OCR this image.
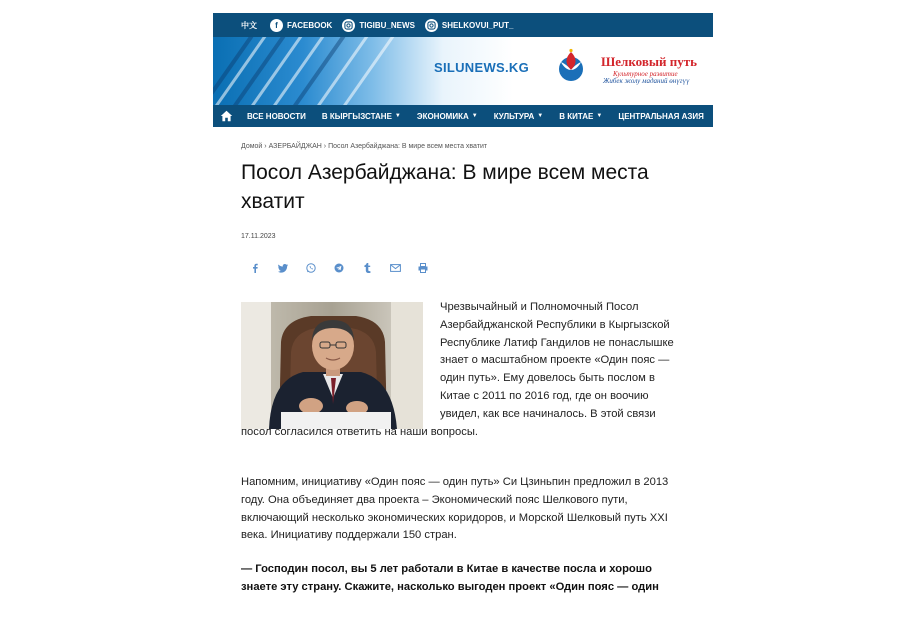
中文	f	FACEBOOK	TIGIBU_NEWS	SHELKOVUI_PUT_
SILUNEWS.KG	Шелковый путь
Культурное развитие
Жибек жолу маданий өнүгүү
ВСЕ НОВОСТИ В КЫРГЫЗСТАНЕ ▼ ЭКОНОМИКА ▼ КУЛЬТУРА ▼ В КИТАЕ ▼ ЦЕНТРАЛЬНАЯ АЗИЯ
Домой › АЗЕРБАЙДЖАН › Посол Азербайджана: В мире всем места хватит
Посол Азербайджана: В мире всем места хватит
17.11.2023

Чрезвычайный и Полномочный Посол Азербайджанской Республики в Кыргызской Республике Латиф Гандилов не понаслышке знает о масштабном проекте «Один пояс — один путь». Ему довелось быть послом в Китае с 2011 по 2016 год, где он воочию увидел, как все начиналось. В этой связи

посол согласился ответить на наши вопросы.

Напомним, инициативу «Один пояс — один путь» Си Цзиньпин предложил в 2013 году. Она объединяет два проекта – Экономический пояс Шелкового пути, включающий несколько экономических коридоров, и Морской Шелковый путь XXI века. Инициативу поддержали 150 стран.

— Господин посол, вы 5 лет работали в Китае в качестве посла и хорошо знаете эту страну. Скажите, насколько выгоден проект «Один пояс — один
